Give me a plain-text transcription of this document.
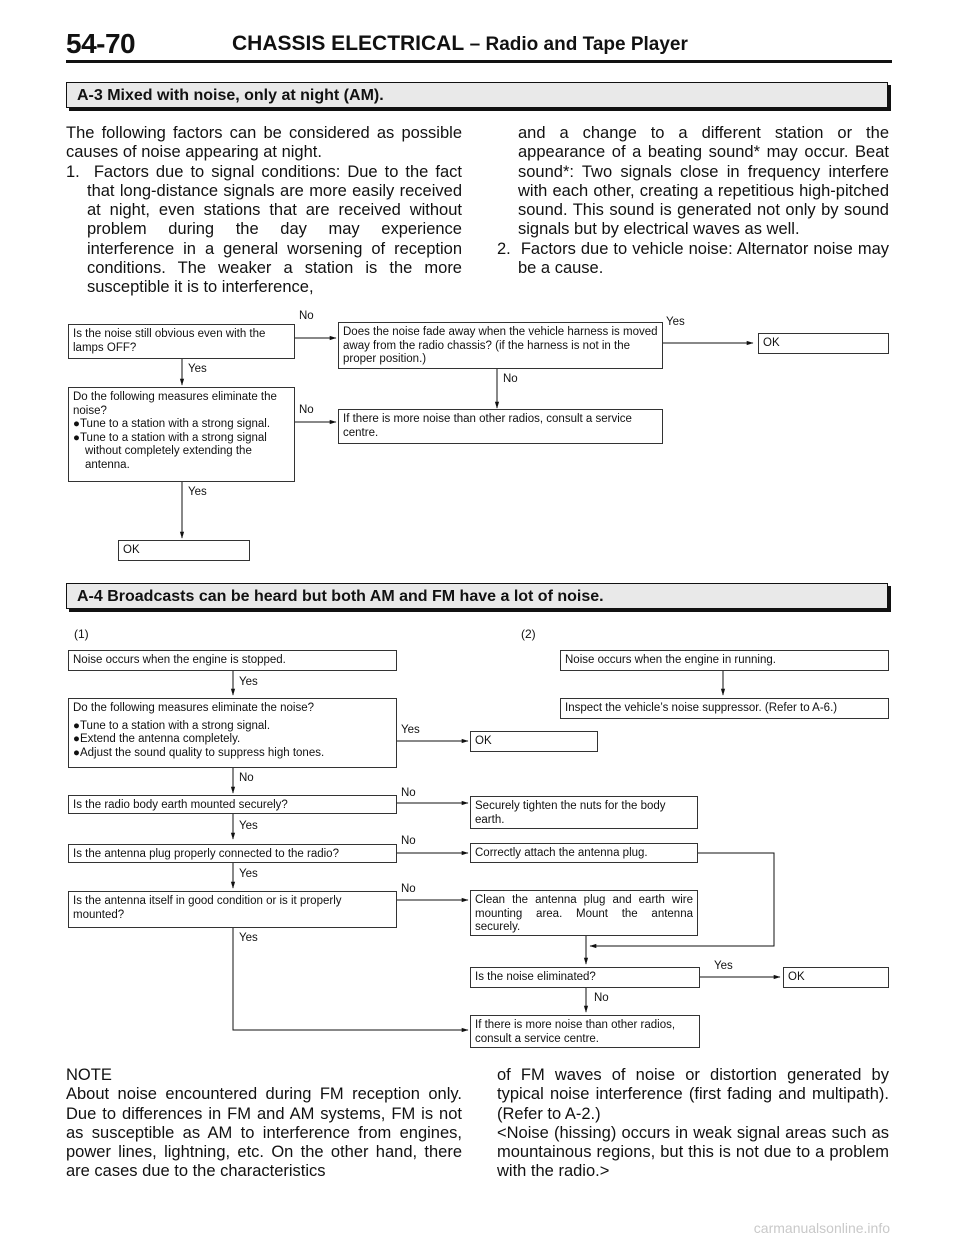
54-70	CHASSIS ELECTRICAL – Radio and Tape Player
A-3 Mixed with noise, only at night (AM).
The following factors can be considered as possible causes of noise appearing at night.
1.  Factors due to signal conditions: Due to the fact that long-distance signals are more easily received at night, even stations that are received without problem during the day may experience interference in a general worsening of reception conditions. The weaker a station is the more susceptible it is to interference,
and a change to a different station or the appearance of a beating sound* may occur. Beat sound*: Two signals close in frequency interfere with each other, creating a repetitious high-pitched sound. This sound is generated not only by sound signals but by electrical waves as well.
2.  Factors due to vehicle noise: Alternator noise may be a cause.
Is the noise still obvious even with the lamps OFF?
Does the noise fade away when the vehicle harness is moved away from the radio chassis? (if the harness is not in the proper position.)
OK
Do the following measures eliminate the noise?
●Tune to a station with a strong signal.
●Tune to a station with a strong signal without completely extending the antenna.
If there is more noise than other radios, consult a service centre.
OK
No	Yes
Yes
No
No
Yes
A-4 Broadcasts can be heard but both AM and FM have a lot of noise.
(1)	(2)
Noise occurs when the engine is stopped.
Do the following measures eliminate the noise?
●Tune to a station with a strong signal.
●Extend the antenna completely.
●Adjust the sound quality to suppress high tones.
Is the radio body earth mounted securely?
Is the antenna plug properly connected to the radio?
Is the antenna itself in good condition or is it properly mounted?
OK
Securely tighten the nuts for the body earth.
Correctly attach the antenna plug.
Clean the antenna plug and earth wire mounting area. Mount the antenna securely.
Is the noise eliminated?
If there is more noise than other radios, consult a service centre.
OK
Noise occurs when the engine in running.
Inspect the vehicle’s noise suppressor. (Refer to A-6.)
Yes
Yes
No
No
Yes
No
Yes
No
Yes
Yes
No
NOTE
About noise encountered during FM reception only. Due to differences in FM and AM systems, FM is not as susceptible as AM to interference from engines, power lines, lightning, etc. On the other hand, there are cases due to the characteristics
of FM waves of noise or distortion generated by typical noise interference (first fading and multipath). (Refer to A-2.)
<Noise (hissing) occurs in weak signal areas such as mountainous regions, but this is not due to a problem with the radio.>
carmanualsonline.info
